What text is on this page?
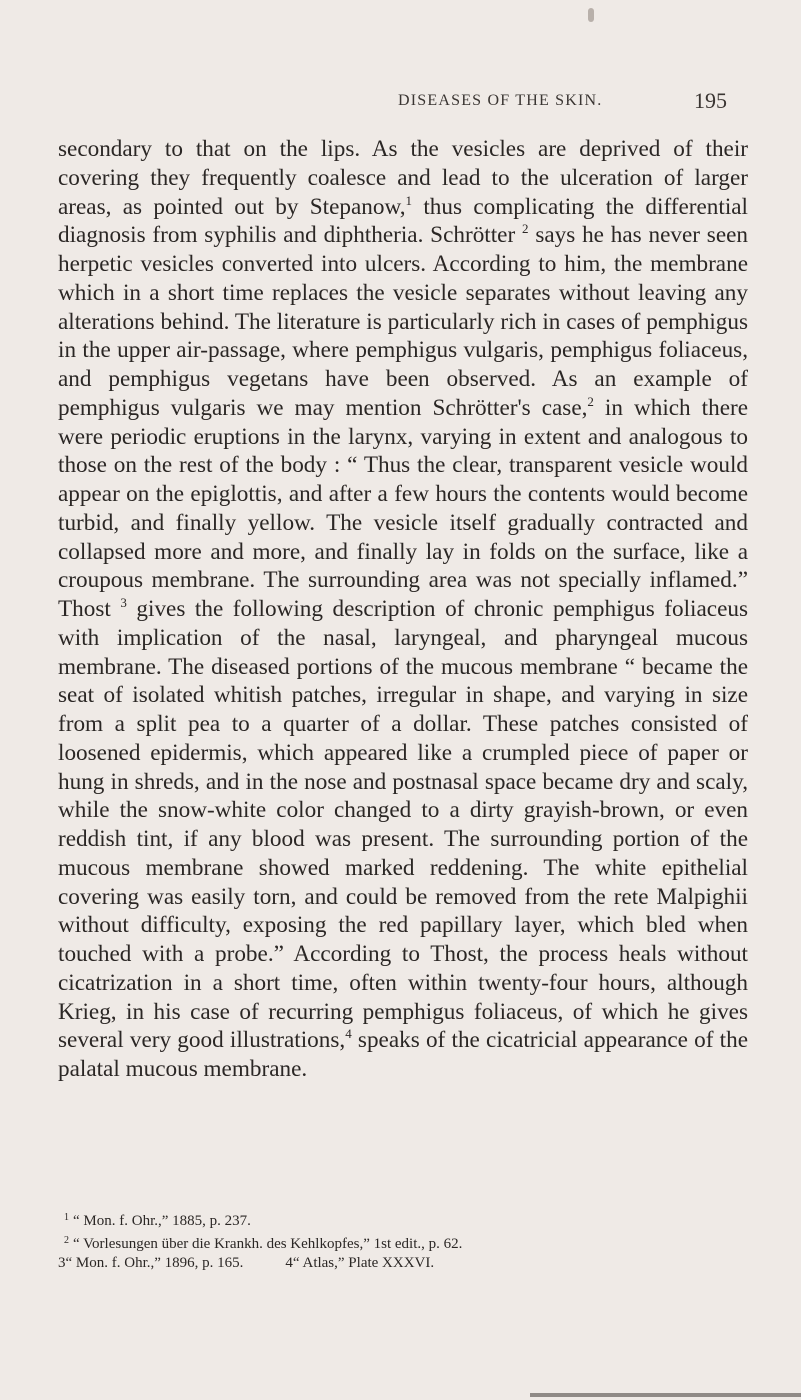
DISEASES OF THE SKIN.	195

secondary to that on the lips. As the vesicles are deprived of their covering they frequently coalesce and lead to the ulceration of larger areas, as pointed out by Stepanow,$^1$ thus complicating the differential diagnosis from syphilis and diphtheria. Schrötter $^2$ says he has never seen herpetic vesicles converted into ulcers. According to him, the membrane which in a short time replaces the vesicle separates without leaving any alterations behind. The literature is particularly rich in cases of pemphigus in the upper air-passage, where pemphigus vulgaris, pemphigus foliaceus, and pemphigus vegetans have been observed. As an example of pemphigus vulgaris we may mention Schrötter's case,$^2$ in which there were periodic eruptions in the larynx, varying in extent and analogous to those on the rest of the body : “ Thus the clear, transparent vesicle would appear on the epiglottis, and after a few hours the contents would become turbid, and finally yellow. The vesicle itself gradually contracted and collapsed more and more, and finally lay in folds on the surface, like a croupous membrane. The surrounding area was not specially inflamed.” Thost $^3$ gives the following description of chronic pemphigus foliaceus with implication of the nasal, laryngeal, and pharyngeal mucous membrane. The diseased portions of the mucous membrane “ became the seat of isolated whitish patches, irregular in shape, and varying in size from a split pea to a quarter of a dollar. These patches consisted of loosened epidermis, which appeared like a crumpled piece of paper or hung in shreds, and in the nose and postnasal space became dry and scaly, while the snow-white color changed to a dirty grayish-brown, or even reddish tint, if any blood was present. The surrounding portion of the mucous membrane showed marked reddening. The white epithelial covering was easily torn, and could be removed from the rete Malpighii without difficulty, exposing the red papillary layer, which bled when touched with a probe.” According to Thost, the process heals without cicatrization in a short time, often within twenty-four hours, although Krieg, in his case of recurring pemphigus foliaceus, of which he gives several very good illustrations,$^4$ speaks of the cicatricial appearance of the palatal mucous membrane.

$^1$ “ Mon. f. Ohr.,” 1885, p. 237.
$^2$ “ Vorlesungen über die Krankh. des Kehlkopfes,” 1st edit., p. 62.
3“ Mon. f. Ohr.,” 1896, p. 165.	4“ Atlas,” Plate XXXVI.
